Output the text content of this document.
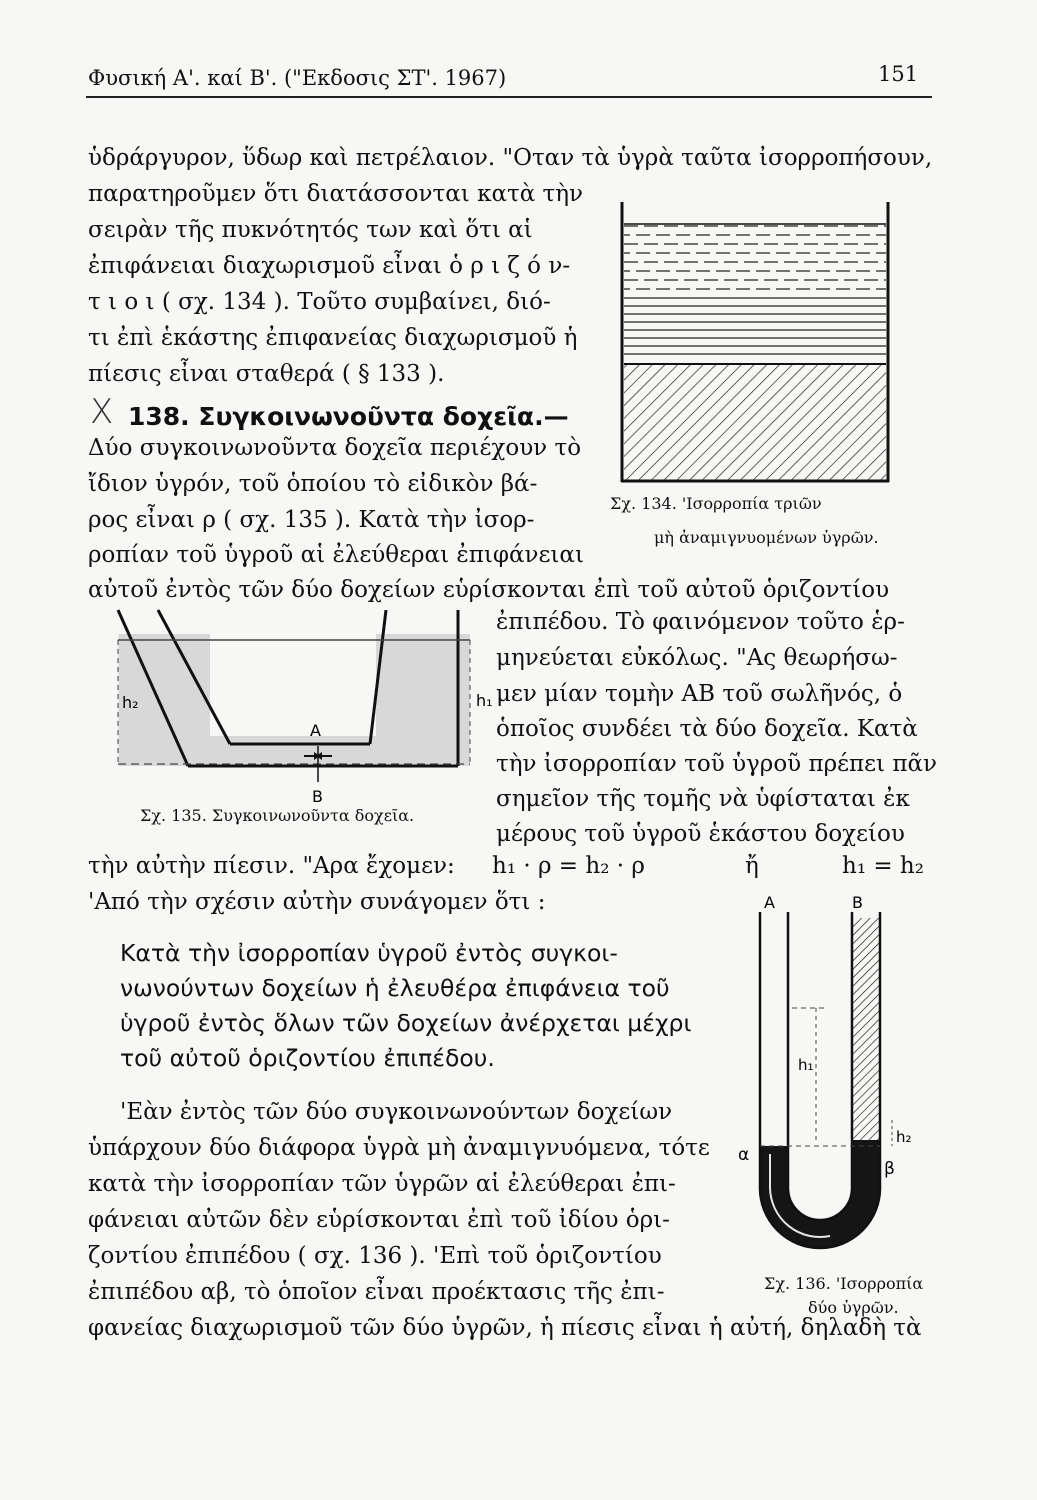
Φυσική Α'. καί Β'. ("Εκδοσις ΣΤ'. 1967)	151
ὑδράργυρον, ὕδωρ καὶ πετρέλαιον. "Οταν τὰ ὑγρὰ ταῦτα ἰσορροπήσουν,
παρατηροῦμεν ὅτι διατάσσονται κατὰ τὴν
σειρὰν τῆς πυκνότητός των καὶ ὅτι αἱ
ἐπιφάνειαι διαχωρισμοῦ εἶναι ὁ ρ ι ζ ό ν-
τ ι ο ι ( σχ. 134 ). Τοῦτο συμβαίνει, διό-
τι ἐπὶ ἑκάστης ἐπιφανείας διαχωρισμοῦ ἡ
πίεσις εἶναι σταθερά ( § 133 ).
X 138. Συγκοινωνοῦντα δοχεῖα.—
Δύο συγκοινωνοῦντα δοχεῖα περιέχουν τὸ
ἴδιον ὑγρόν, τοῦ ὁποίου τὸ εἰδικὸν βά-
ρος εἶναι ρ ( σχ. 135 ). Κατὰ τὴν ἰσορ-
ροπίαν τοῦ ὑγροῦ αἱ ἐλεύθεραι ἐπιφάνειαι
αὐτοῦ ἐντὸς τῶν δύο δοχείων εὑρίσκονται ἐπὶ τοῦ αὐτοῦ ὁριζοντίου
ἐπιπέδου. Τὸ φαινόμενον τοῦτο ἑρ-
μηνεύεται εὐκόλως. "Ας θεωρήσω-
μεν μίαν τομὴν ΑΒ τοῦ σωλῆνός, ὁ
ὁποῖος συνδέει τὰ δύο δοχεῖα. Κατὰ
τὴν ἰσορροπίαν τοῦ ὑγροῦ πρέπει πᾶν
σημεῖον τῆς τομῆς νὰ ὑφίσταται ἐκ
μέρους τοῦ ὑγροῦ ἑκάστου δοχείου
τὴν αὐτὴν πίεσιν. "Αρα ἔχομεν: h₁ · ρ = h₂ · ρ	ἤ	h₁ = h₂
'Από τὴν σχέσιν αὐτὴν συνάγομεν ὅτι :
Κατὰ τὴν ἰσορροπίαν ὑγροῦ ἐντὸς συγκοι-
νωνούντων δοχείων ἡ ἐλευθέρα ἐπιφάνεια τοῦ
ὑγροῦ ἐντὸς ὅλων τῶν δοχείων ἀνέρχεται μέχρι
τοῦ αὐτοῦ ὁριζοντίου ἐπιπέδου.
'Εὰν ἐντὸς τῶν δύο συγκοινωνούντων δοχείων
ὑπάρχουν δύο διάφορα ὑγρὰ μὴ ἀναμιγνυόμενα, τότε
κατὰ τὴν ἰσορροπίαν τῶν ὑγρῶν αἱ ἐλεύθεραι ἐπι-
φάνειαι αὐτῶν δὲν εὑρίσκονται ἐπὶ τοῦ ἰδίου ὁρι-
ζοντίου ἐπιπέδου ( σχ. 136 ). 'Επὶ τοῦ ὁριζοντίου
ἐπιπέδου αβ, τὸ ὁποῖον εἶναι προέκτασις τῆς ἐπι-
φανείας διαχωρισμοῦ τῶν δύο ὑγρῶν, ἡ πίεσις εἶναι ἡ αὐτή, δηλαδὴ τὰ
Σχ. 134. 'Ισορροπία τριῶν
μὴ ἀναμιγνυομένων ὑγρῶν.
h₂	h₁
A
B
Σχ. 135. Συγκοινωνοῦντα δοχεῖα.
A	B
h₁
h₂
α
β
Σχ. 136. 'Ισορροπία
δύο ὑγρῶν.
